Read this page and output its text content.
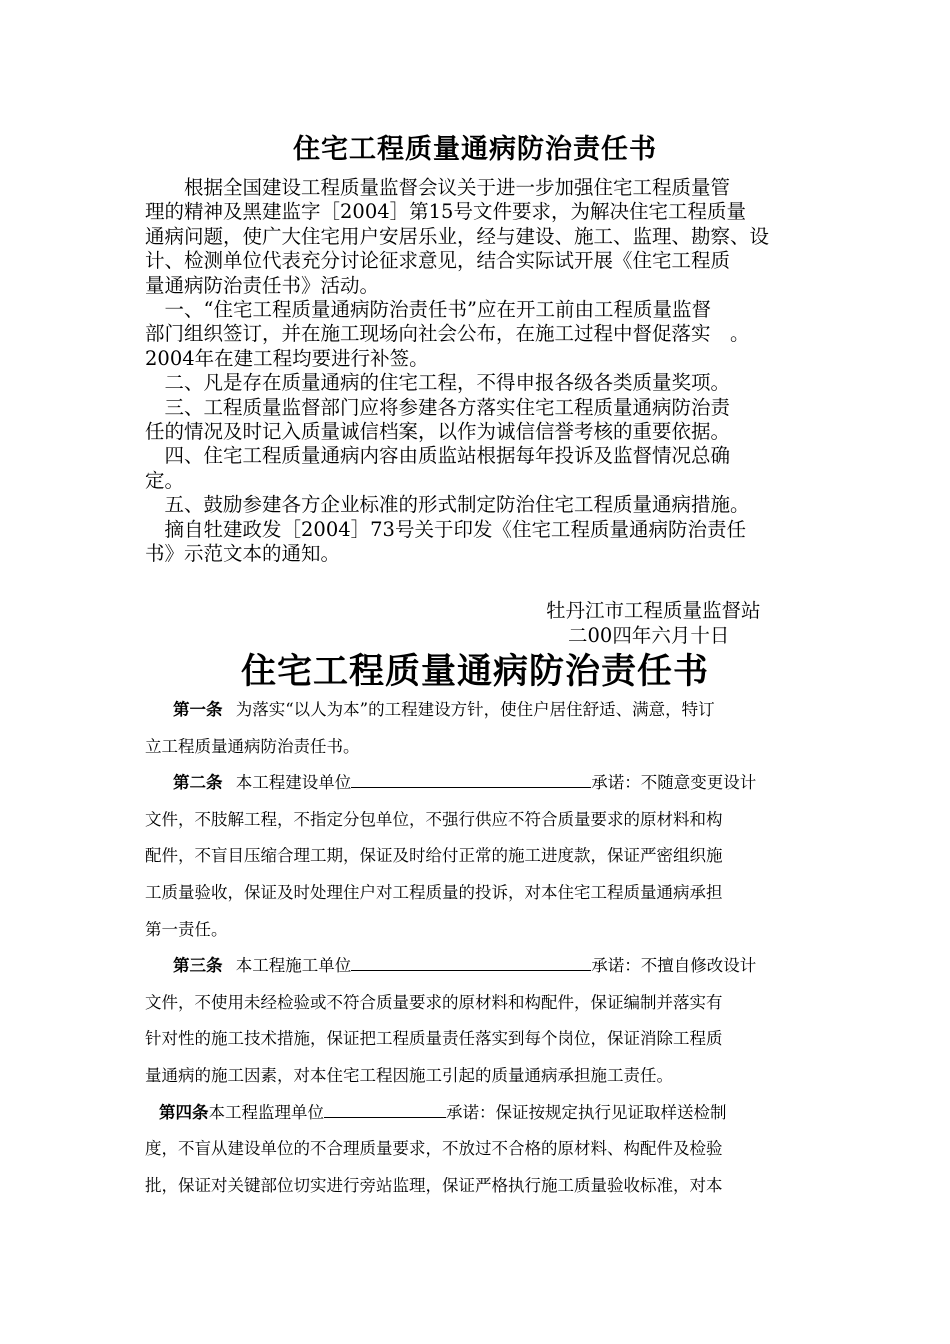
住宅工程质量通病防治责任书

　　根据全国建设工程质量监督会议关于进一步加强住宅工程质量管

理的精神及黑建监字［2004］第15号文件要求，为解决住宅工程质量

通病问题，使广大住宅用户安居乐业，经与建设、施工、监理、勘察、设

计、检测单位代表充分讨论征求意见，结合实际试开展《住宅工程质

量通病防治责任书》活动。

　一、“住宅工程质量通病防治责任书”应在开工前由工程质量监督

部门组织签订，并在施工现场向社会公布，在施工过程中督促落实　。

2004年在建工程均要进行补签。

　二、凡是存在质量通病的住宅工程，不得申报各级各类质量奖项。

　三、工程质量监督部门应将参建各方落实住宅工程质量通病防治责

任的情况及时记入质量诚信档案，以作为诚信信誉考核的重要依据。

　四、住宅工程质量通病内容由质监站根据每年投诉及监督情况总确

定。

　五、鼓励参建各方企业标准的形式制定防治住宅工程质量通病措施。

　摘自牡建政发［2004］73号关于印发《住宅工程质量通病防治责任

书》示范文本的通知。

牡丹江市工程质量监督站
二00四年六月十日
住宅工程质量通病防治责任书

第一条 为落实“以人为本”的工程建设方针，使住户居住舒适、满意，特订

立工程质量通病防治责任书。

第二条 本工程建设单位	承诺：不随意变更设计

文件，不肢解工程，不指定分包单位，不强行供应不符合质量要求的原材料和构

配件，不盲目压缩合理工期，保证及时给付正常的施工进度款，保证严密组织施

工质量验收，保证及时处理住户对工程质量的投诉，对本住宅工程质量通病承担

第一责任。

第三条 本工程施工单位	承诺：不擅自修改设计

文件，不使用未经检验或不符合质量要求的原材料和构配件，保证编制并落实有

针对性的施工技术措施，保证把工程质量责任落实到每个岗位，保证消除工程质

量通病的施工因素，对本住宅工程因施工引起的质量通病承担施工责任。

第四条本工程监理单位	承诺：保证按规定执行见证取样送检制

度，不盲从建设单位的不合理质量要求，不放过不合格的原材料、构配件及检验

批，保证对关键部位切实进行旁站监理，保证严格执行施工质量验收标准，对本
